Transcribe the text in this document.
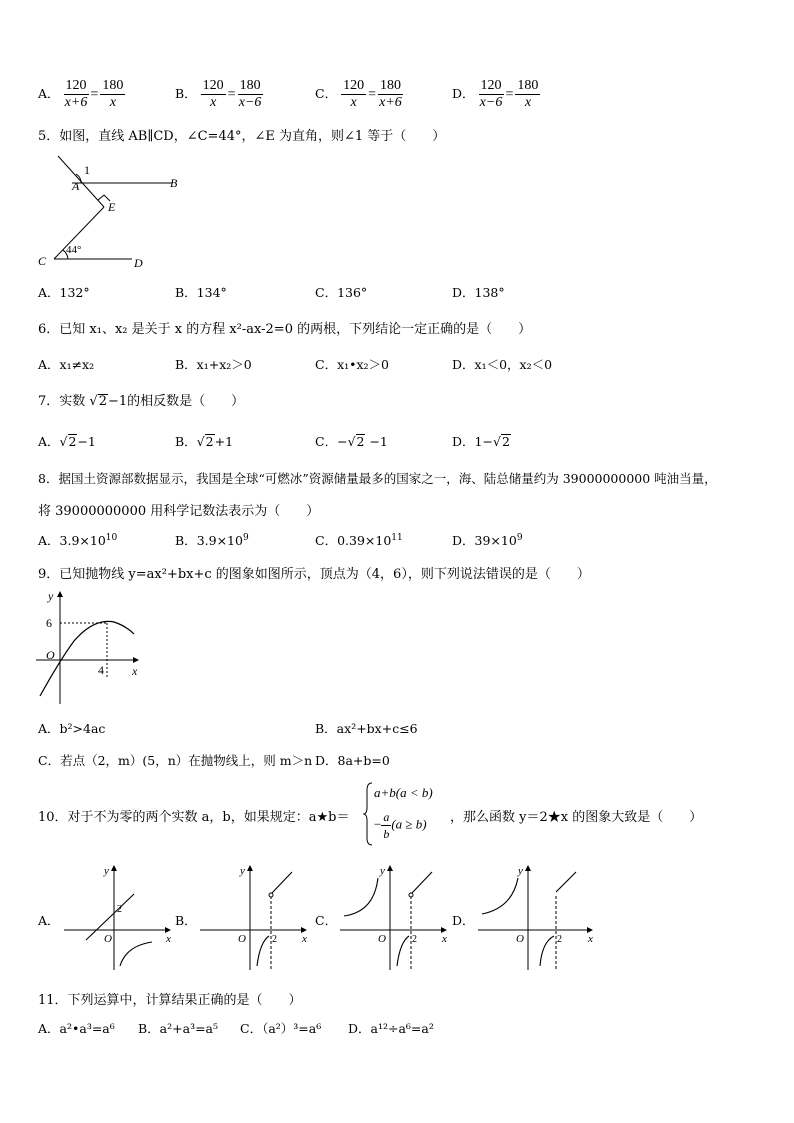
A． $\frac{120}{x+6} = \frac{180}{x}$	B． $\frac{120}{x} = \frac{180}{x-6}$	C． $\frac{120}{x} = \frac{180}{x+6}$	D． $\frac{120}{x-6} = \frac{180}{x}$
5．如图，直线 AB∥CD，∠C=44°，∠E 为直角，则∠1 等于（　　）
1
A	B
E
44°
C	D
A．132°	B．134°	C．136°	D．138°
6．已知 x₁、x₂ 是关于 x 的方程 x²-ax-2=0 的两根，下列结论一定正确的是（　　）
A．x₁≠x₂	B．x₁+x₂＞0	C．x₁•x₂＞0	D．x₁＜0，x₂＜0
7．实数 √2−1的相反数是（　　）
A．√2−1	B．√2+1	C．−√2 −1	D．1−√2
8．据国土资源部数据显示，我国是全球“可燃冰”资源储量最多的国家之一，海、陆总储量约为 39000000000 吨油当量，
将 39000000000 用科学记数法表示为（　　）
A．$3.9\times 10^{10}$	B．$3.9\times 10^9$	C．$0.39\times 10^{11}$	D．$39\times 10^9$
9．已知抛物线 y=ax²+bx+c 的图象如图所示，顶点为（4，6），则下列说法错误的是（　　）
y
6
O
4 x
A．b²>4ac	B．ax²+bx+c≤6
C．若点（2，m）(5，n）在抛物线上，则 m＞n D．8a+b=0
10．对于不为零的两个实数 a，b，如果规定：a★b＝
a+b(a < b)
− $\frac{a}{b} (a \ge b)$ ，那么函数 y＝2★x 的图象大致是（　　）
A．
y
2
O	x
B．
y
O	2 x
C．
y
O	2 x
D．
y
O	2 x
11．下列运算中，计算结果正确的是（　　）
A．a²•a³=a⁶ B．a²+a³=a⁵ C．（a²）³=a⁶ D．a¹²÷a⁶=a²
